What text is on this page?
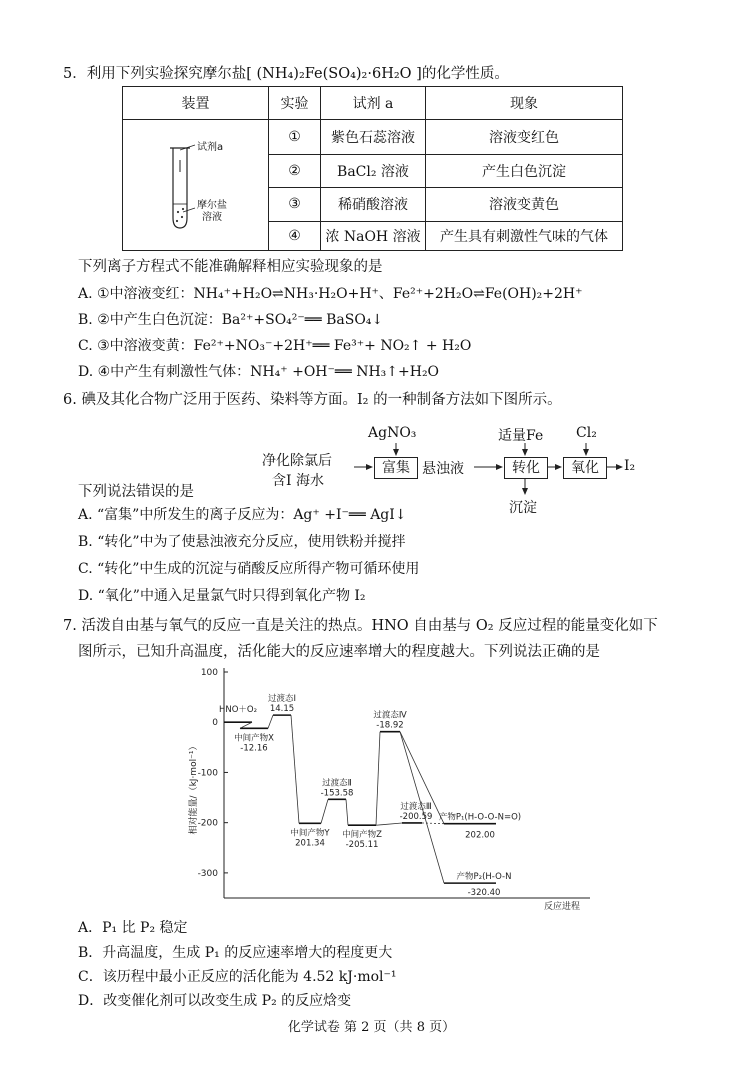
5．利用下列实验探究摩尔盐[ (NH₄)₂Fe(SO₄)₂·6H₂O ]的化学性质。
装置	实验	试剂 a	现象

试剂a
摩尔盐溶液	①	紫色石蕊溶液	溶液变红色
	②	BaCl₂ 溶液	产生白色沉淀
	③	稀硝酸溶液	溶液变黄色
	④	浓 NaOH 溶液	产生具有刺激性气味的气体
下列离子方程式不能准确解释相应实验现象的是
A. ①中溶液变红：NH₄⁺+H₂O⇌NH₃·H₂O+H⁺、Fe²⁺+2H₂O⇌Fe(OH)₂+2H⁺
B. ②中产生白色沉淀：Ba²⁺+SO₄²⁻══ BaSO₄↓
C. ③中溶液变黄：Fe²⁺+NO₃⁻+2H⁺══ Fe³⁺+ NO₂↑ + H₂O
D. ④中产生有刺激性气体：NH₄⁺ +OH⁻══ NH₃↑+H₂O
6. 碘及其化合物广泛用于医药、染料等方面。I₂ 的一种制备方法如下图所示。
净化除氯后
含I 海水
AgNO₃
富集 悬浊液
适量Fe
转化
Cl₂
氧化	I₂
沉淀
下列说法错误的是
A. “富集”中所发生的离子反应为：Ag⁺ +I⁻══ AgI↓
B. “转化”中为了使悬浊液充分反应，使用铁粉并搅拌
C. “转化”中生成的沉淀与硝酸反应所得产物可循环使用
D. “氧化”中通入足量氯气时只得到氧化产物 I₂
7. 活泼自由基与氧气的反应一直是关注的热点。HNO 自由基与 O₂ 反应过程的能量变化如下
图所示，已知升高温度，活化能大的反应速率增大的程度越大。下列说法正确的是
100
0
-100
-200
-300
HNO＋O₂
中间产物X
-12.16
过渡态Ⅰ
14.15
中间产物Y
201.34
过渡态Ⅱ
-153.58
中间产物Z
-205.11
过渡态Ⅳ
-18.92
过渡态Ⅲ
-200.59 产物P₁(H-O-O-N=O)
202.00
产物P₂(H-O-N
-320.40
相对能量/（kJ·mol⁻¹）
反应进程
A．P₁ 比 P₂ 稳定
B．升高温度，生成 P₁ 的反应速率增大的程度更大
C．该历程中最小正反应的活化能为 4.52 kJ·mol⁻¹
D．改变催化剂可以改变生成 P₂ 的反应焓变
化学试卷 第 2 页（共 8 页）
